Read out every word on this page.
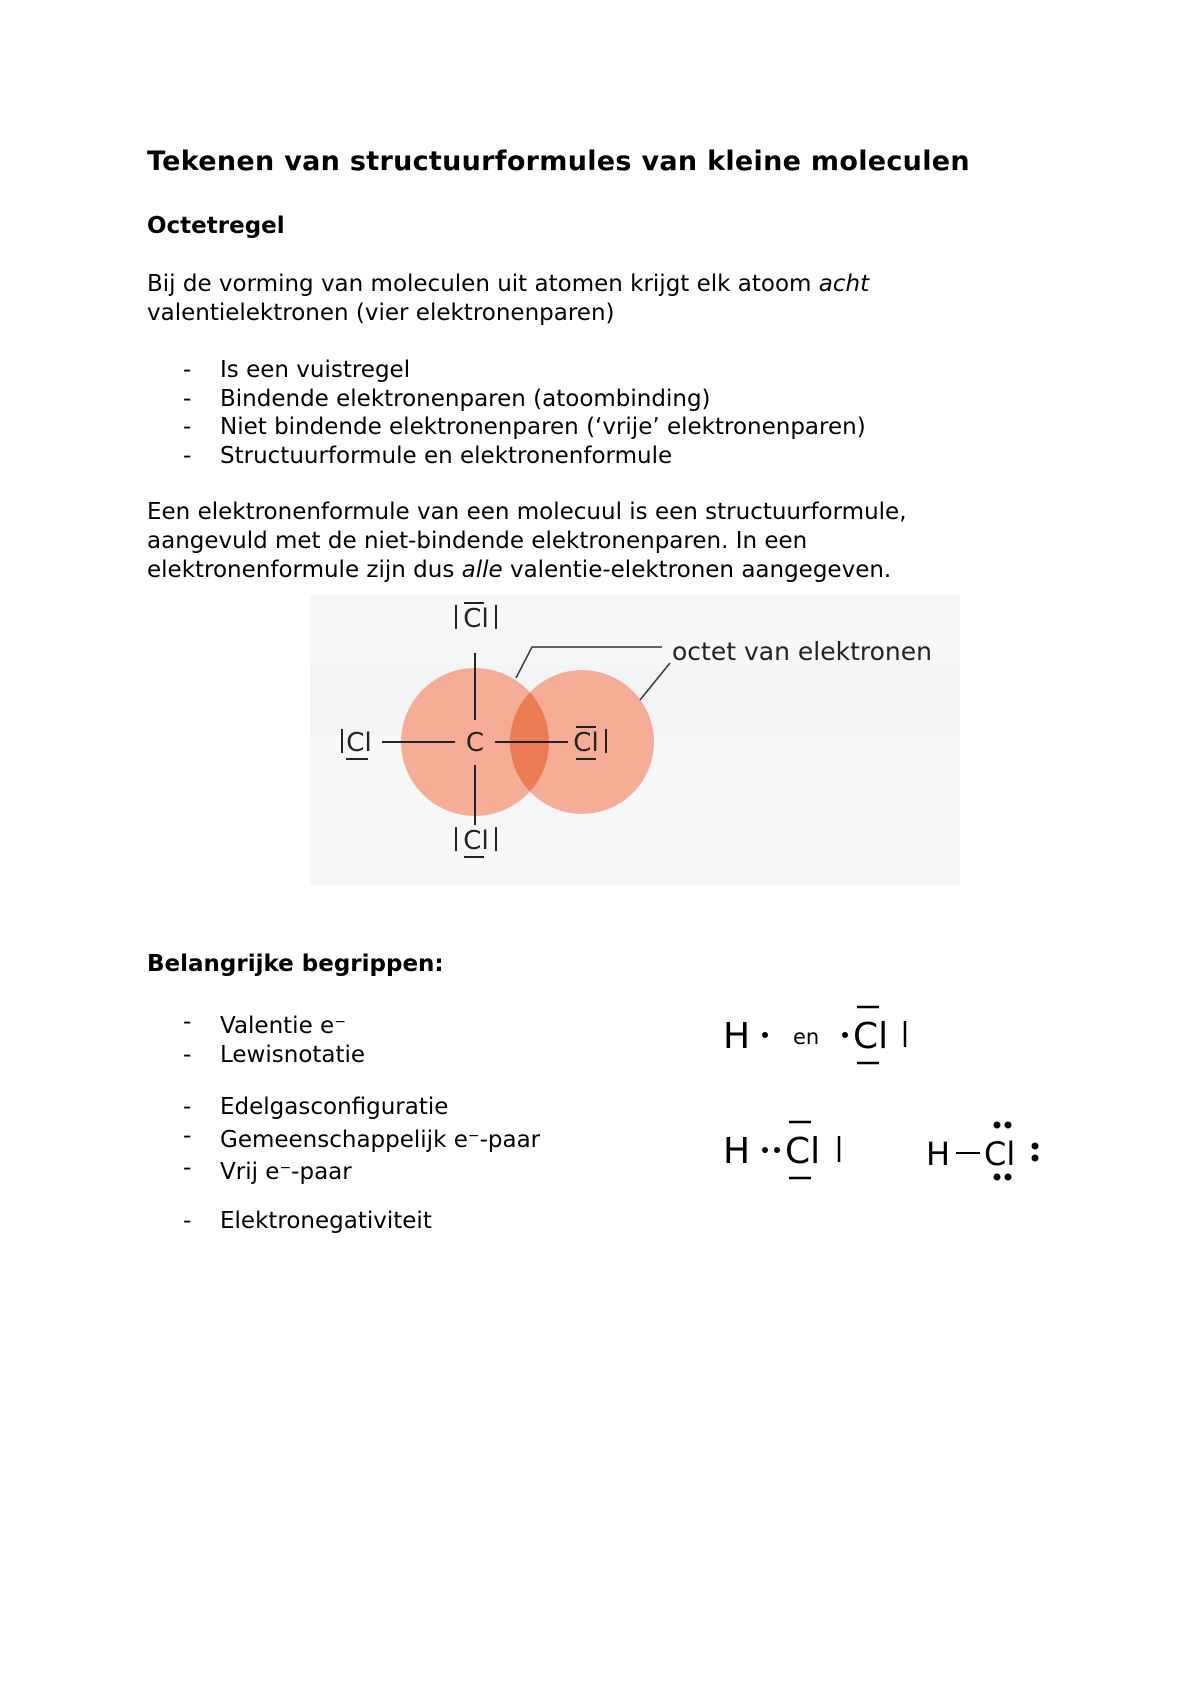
Tekenen van structuurformules van kleine moleculen
Octetregel
Bij de vorming van moleculen uit atomen krijgt elk atoom acht
valentielektronen (vier elektronenparen)
- Is een vuistregel
- Bindende elektronenparen (atoombinding)
- Niet bindende elektronenparen (‘vrije’ elektronenparen)
- Structuurformule en elektronenformule
Een elektronenformule van een molecuul is een structuurformule,
aangevuld met de niet-bindende elektronenparen. In een
elektronenformule zijn dus alle valentie-elektronen aangegeven.
C
Cl
Cl	Cl
Cl
octet van elektronen
Belangrijke begrippen:
- Valentie e−
- Lewisnotatie
- Edelgasconfiguratie
- Gemeenschappelijk e−-paar
- Vrij e−-paar
- Elektronegativiteit
H en Cl
H Cl	H Cl
